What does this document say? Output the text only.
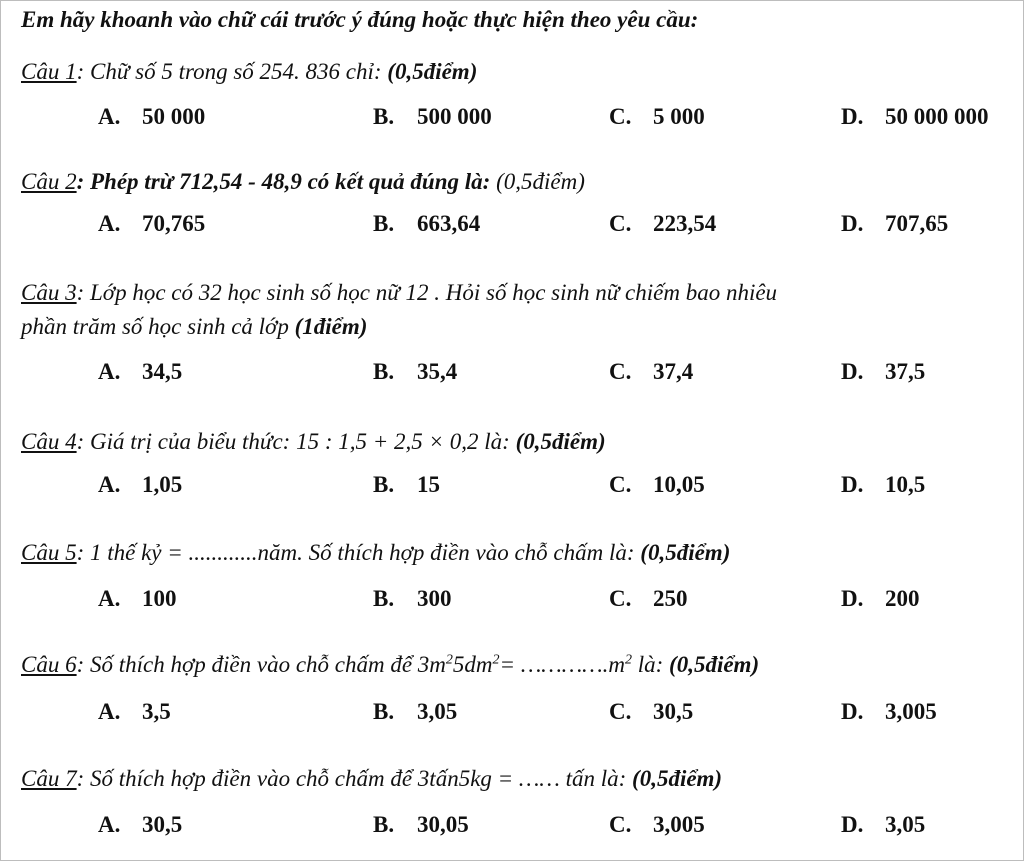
Em hãy khoanh vào chữ cái trước ý đúng hoặc thực hiện theo yêu cầu:
Câu 1: Chữ số 5 trong số 254. 836 chỉ: (0,5điểm)
A. 50 000	B. 500 000	C. 5 000	D. 50 000 000
Câu 2: Phép trừ 712,54 - 48,9 có kết quả đúng là: (0,5điểm)
A. 70,765	B. 663,64	C. 223,54	D. 707,65
Câu 3: Lớp học có 32 học sinh số học nữ 12 . Hỏi số học sinh nữ chiếm bao nhiêu
phần trăm số học sinh cả lớp (1điểm)
A. 34,5	B. 35,4	C. 37,4	D. 37,5
Câu 4: Giá trị của biểu thức: 15 : 1,5 + 2,5 × 0,2 là: (0,5điểm)
A. 1,05	B. 15	C. 10,05	D. 10,5
Câu 5: 1 thế kỷ = ............năm. Số thích hợp điền vào chỗ chấm là: (0,5điểm)
A. 100	B. 300	C. 250	D. 200
Câu 6: Số thích hợp điền vào chỗ chấm để $3m^25dm^2=$ $\dots\dots\dots\dots.m^2$ là: (0,5điểm)
A. 3,5	B. 3,05	C. 30,5	D. 3,005
Câu 7: Số thích hợp điền vào chỗ chấm để 3tấn5kg = …… tấn là: (0,5điểm)
A. 30,5	B. 30,05	C. 3,005	D. 3,05
